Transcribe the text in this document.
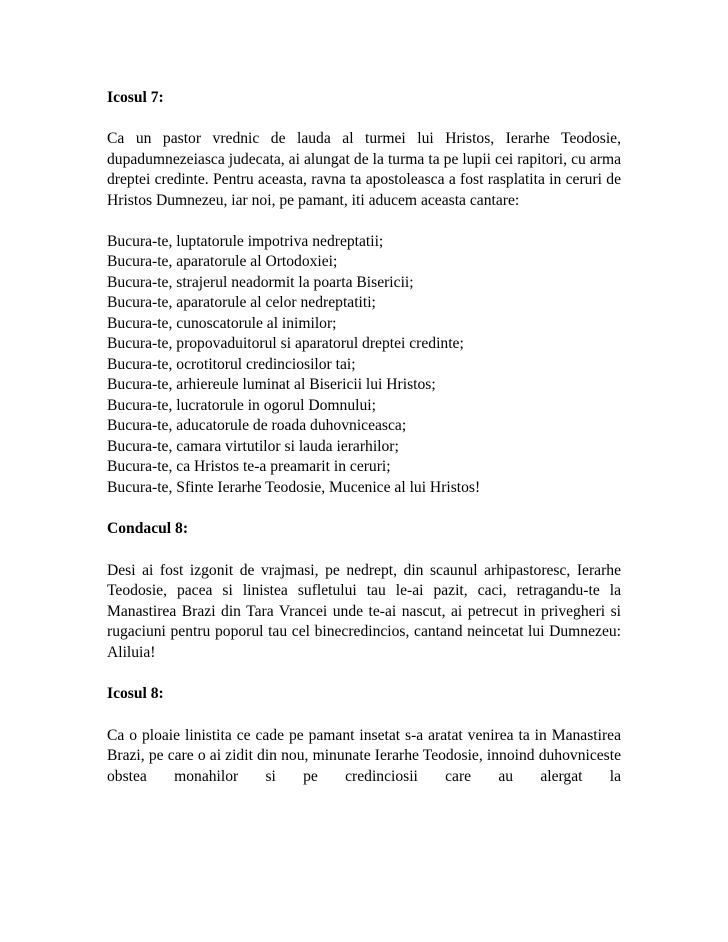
Icosul 7:

Ca un pastor vrednic de lauda al turmei lui Hristos, Ierarhe Teodosie, dupadumnezeiasca judecata, ai alungat de la turma ta pe lupii cei rapitori, cu arma dreptei credinte. Pentru aceasta, ravna ta apostoleasca a fost rasplatita in ceruri de Hristos Dumnezeu, iar noi, pe pamant, iti aducem aceasta cantare:

Bucura-te, luptatorule impotriva nedreptatii;
Bucura-te, aparatorule al Ortodoxiei;
Bucura-te, strajerul neadormit la poarta Bisericii;
Bucura-te, aparatorule al celor nedreptatiti;
Bucura-te, cunoscatorule al inimilor;
Bucura-te, propovaduitorul si aparatorul dreptei credinte;
Bucura-te, ocrotitorul credinciosilor tai;
Bucura-te, arhiereule luminat al Bisericii lui Hristos;
Bucura-te, lucratorule in ogorul Domnului;
Bucura-te, aducatorule de roada duhovniceasca;
Bucura-te, camara virtutilor si lauda ierarhilor;
Bucura-te, ca Hristos te-a preamarit in ceruri;
Bucura-te, Sfinte Ierarhe Teodosie, Mucenice al lui Hristos!

Condacul 8:

Desi ai fost izgonit de vrajmasi, pe nedrept, din scaunul arhipastoresc, Ierarhe Teodosie, pacea si linistea sufletului tau le-ai pazit, caci, retragandu-te la Manastirea Brazi din Tara Vrancei unde te-ai nascut, ai petrecut in privegheri si rugaciuni pentru poporul tau cel binecredincios, cantand neincetat lui Dumnezeu: Aliluia!

Icosul 8:

Ca o ploaie linistita ce cade pe pamant insetat s-a aratat venirea ta in Manastirea Brazi, pe care o ai zidit din nou, minunate Ierarhe Teodosie, innoind duhovniceste obstea monahilor si pe credinciosii care au alergat la
